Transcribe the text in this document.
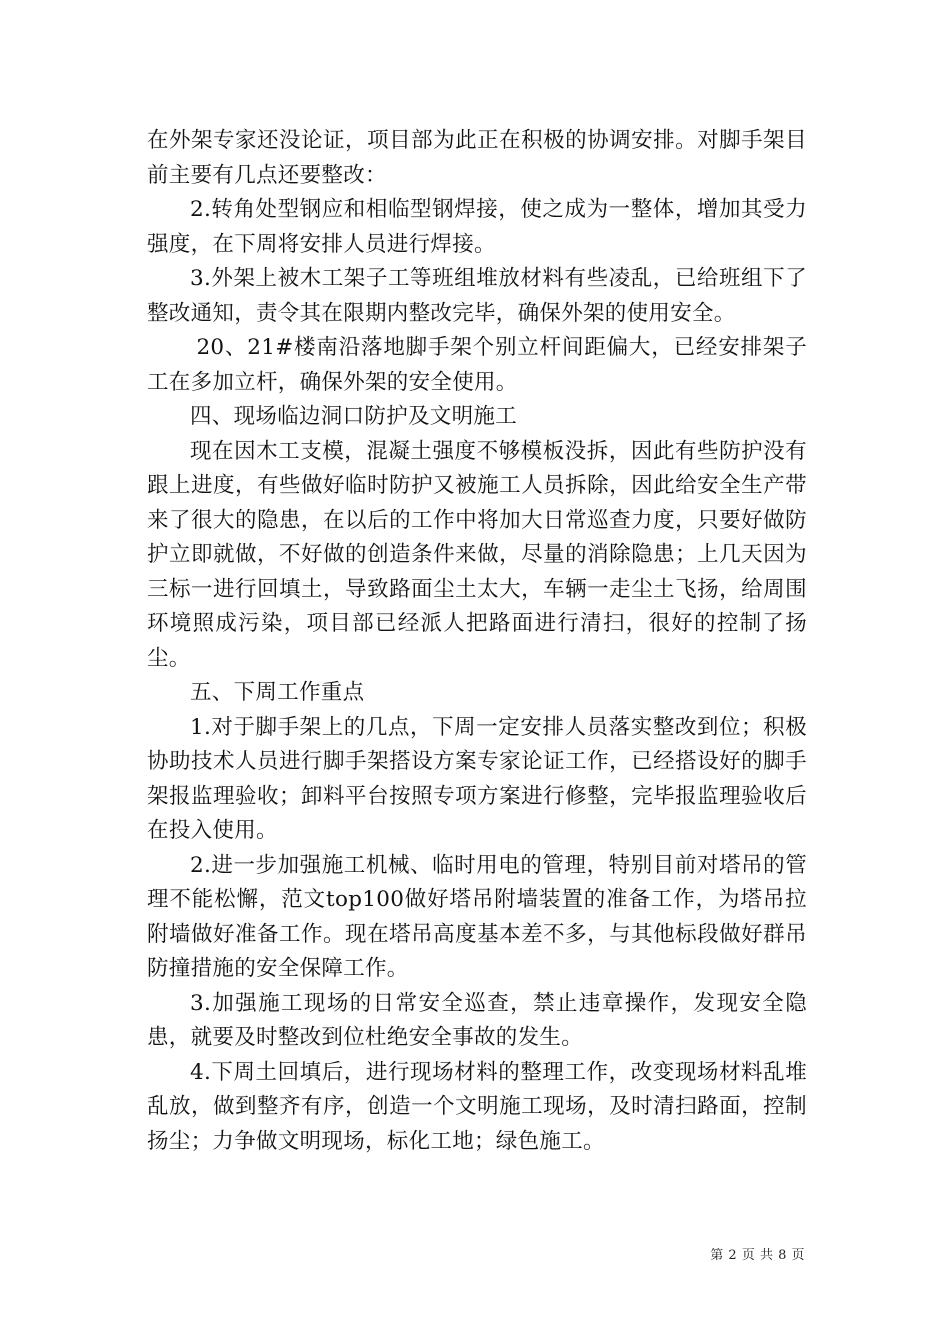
在外架专家还没论证，项目部为此正在积极的协调安排。对脚手架目前主要有几点还要整改：

2.转角处型钢应和相临型钢焊接，使之成为一整体，增加其受力强度，在下周将安排人员进行焊接。

3.外架上被木工架子工等班组堆放材料有些凌乱，已给班组下了整改通知，责令其在限期内整改完毕，确保外架的使用安全。

20、21#楼南沿落地脚手架个别立杆间距偏大，已经安排架子工在多加立杆，确保外架的安全使用。

四、现场临边洞口防护及文明施工

现在因木工支模，混凝土强度不够模板没拆，因此有些防护没有跟上进度，有些做好临时防护又被施工人员拆除，因此给安全生产带来了很大的隐患，在以后的工作中将加大日常巡查力度，只要好做防护立即就做，不好做的创造条件来做，尽量的消除隐患；上几天因为三标一进行回填土，导致路面尘土太大，车辆一走尘土飞扬，给周围环境照成污染，项目部已经派人把路面进行清扫，很好的控制了扬尘。

五、下周工作重点

1.对于脚手架上的几点，下周一定安排人员落实整改到位；积极协助技术人员进行脚手架搭设方案专家论证工作，已经搭设好的脚手架报监理验收；卸料平台按照专项方案进行修整，完毕报监理验收后在投入使用。

2.进一步加强施工机械、临时用电的管理，特别目前对塔吊的管理不能松懈，范文top100做好塔吊附墙装置的准备工作，为塔吊拉附墙做好准备工作。现在塔吊高度基本差不多，与其他标段做好群吊防撞措施的安全保障工作。

3.加强施工现场的日常安全巡查，禁止违章操作，发现安全隐患，就要及时整改到位杜绝安全事故的发生。

4.下周土回填后，进行现场材料的整理工作，改变现场材料乱堆乱放，做到整齐有序，创造一个文明施工现场，及时清扫路面，控制扬尘；力争做文明现场，标化工地；绿色施工。

第 2 页 共 8 页
